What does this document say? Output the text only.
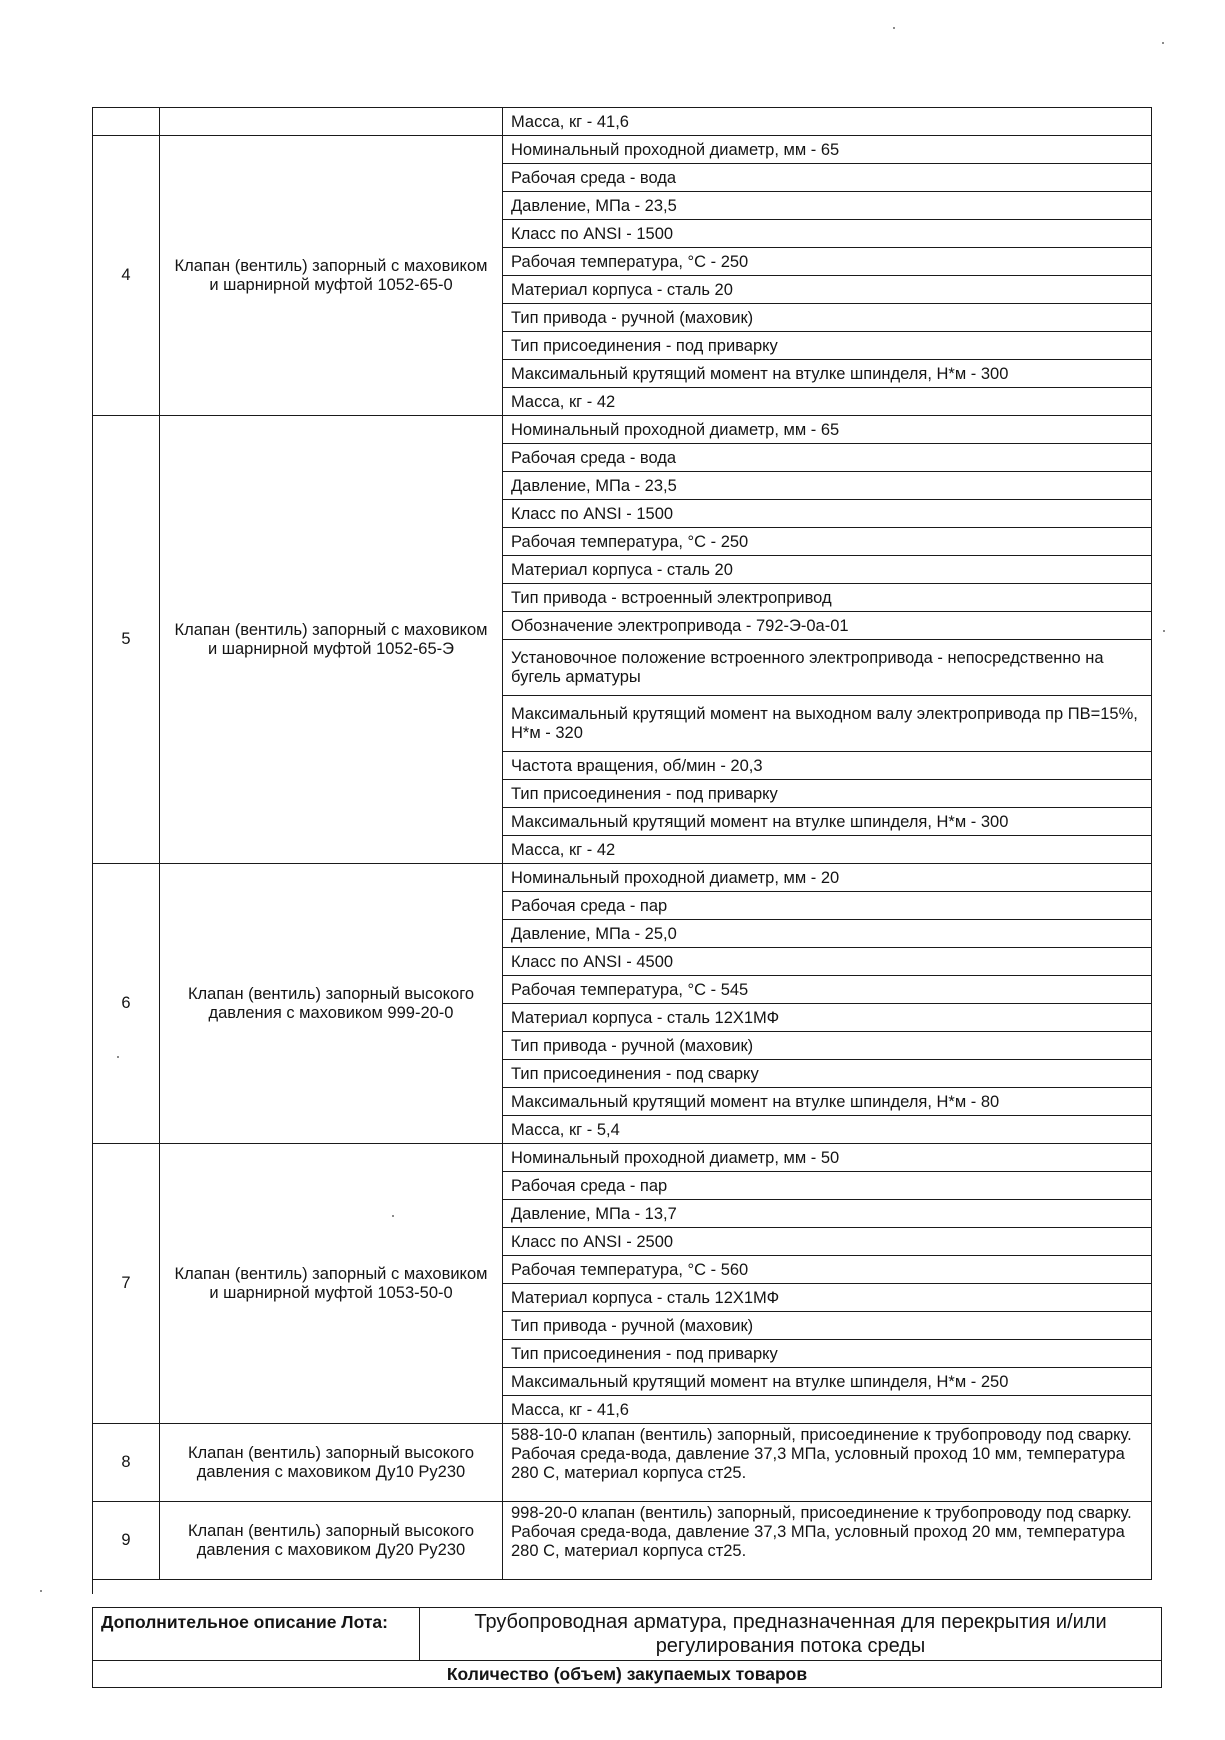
		Масса, кг - 41,6
4	Клапан (вентиль) запорный с маховиком и шарнирной муфтой 1052-65-0	Номинальный проходной диаметр, мм - 65
		Рабочая среда - вода
		Давление, МПа - 23,5
		Класс по ANSI - 1500
		Рабочая температура, °С - 250
		Материал корпуса - сталь 20
		Тип привода - ручной (маховик)
		Тип присоединения - под приварку
		Максимальный крутящий момент на втулке шпинделя, Н*м - 300
		Масса, кг - 42
5	Клапан (вентиль) запорный с маховиком и шарнирной муфтой 1052-65-Э	Номинальный проходной диаметр, мм - 65
		Рабочая среда - вода
		Давление, МПа - 23,5
		Класс по ANSI - 1500
		Рабочая температура, °С - 250
		Материал корпуса - сталь 20
		Тип привода - встроенный электропривод
		Обозначение электропривода - 792-Э-0а-01
		Установочное положение встроенного электропривода - непосредственно на бугель арматуры
		Максимальный крутящий момент на выходном валу электропривода пр ПВ=15%, Н*м - 320
		Частота вращения, об/мин - 20,3
		Тип присоединения - под приварку
		Максимальный крутящий момент на втулке шпинделя, Н*м - 300
		Масса, кг - 42
6	Клапан (вентиль) запорный высокого давления с маховиком 999-20-0	Номинальный проходной диаметр, мм - 20
		Рабочая среда - пар
		Давление, МПа - 25,0
		Класс по ANSI - 4500
		Рабочая температура, °С - 545
		Материал корпуса - сталь 12Х1МФ
		Тип привода - ручной (маховик)
		Тип присоединения - под сварку
		Максимальный крутящий момент на втулке шпинделя, Н*м - 80
		Масса, кг - 5,4
7	Клапан (вентиль) запорный с маховиком и шарнирной муфтой 1053-50-0	Номинальный проходной диаметр, мм - 50
		Рабочая среда - пар
		Давление, МПа - 13,7
		Класс по ANSI - 2500
		Рабочая температура, °С - 560
		Материал корпуса - сталь 12Х1МФ
		Тип привода - ручной (маховик)
		Тип присоединения - под приварку
		Максимальный крутящий момент на втулке шпинделя, Н*м - 250
		Масса, кг - 41,6
8	Клапан (вентиль) запорный высокого давления с маховиком Ду10 Ру230	588-10-0 клапан (вентиль) запорный, присоединение к трубопроводу под сварку. Рабочая среда-вода, давление 37,3 МПа, условный проход 10 мм, температура 280 С, материал корпуса ст25.
9	Клапан (вентиль) запорный высокого давления с маховиком Ду20 Ру230	998-20-0 клапан (вентиль) запорный, присоединение к трубопроводу под сварку. Рабочая среда-вода, давление 37,3 МПа, условный проход 20 мм, температура 280 С, материал корпуса ст25.
Дополнительное описание Лота:	Трубопроводная арматура, предназначенная для перекрытия и/или регулирования потока среды
Количество (объем) закупаемых товаров
